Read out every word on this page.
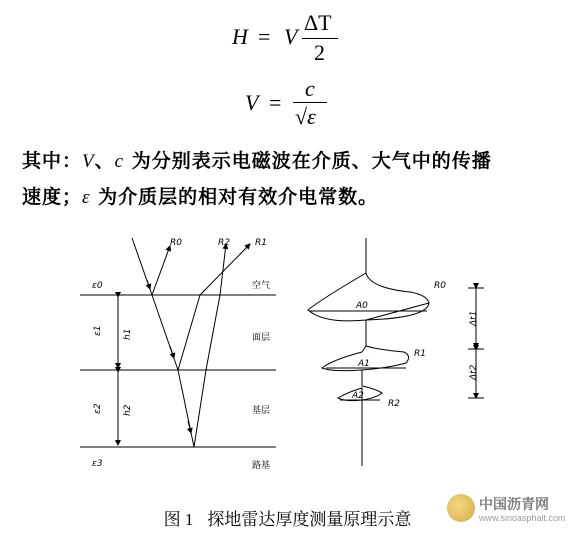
H = V
ΔT
2
V =
c
√ε
其中：V、c 为分别表示电磁波在介质、大气中的传播
速度；ε 为介质层的相对有效介电常数。
R0	R2	R1
ε0
ε1
ε2
ε3
h1
h2
空气
面层
基层
路基
R0
A0
R1
A1
A2
R2
Δt1
Δt2
图 1 探地雷达厚度测量原理示意
中国沥青网
www.sinoasphalt.com
